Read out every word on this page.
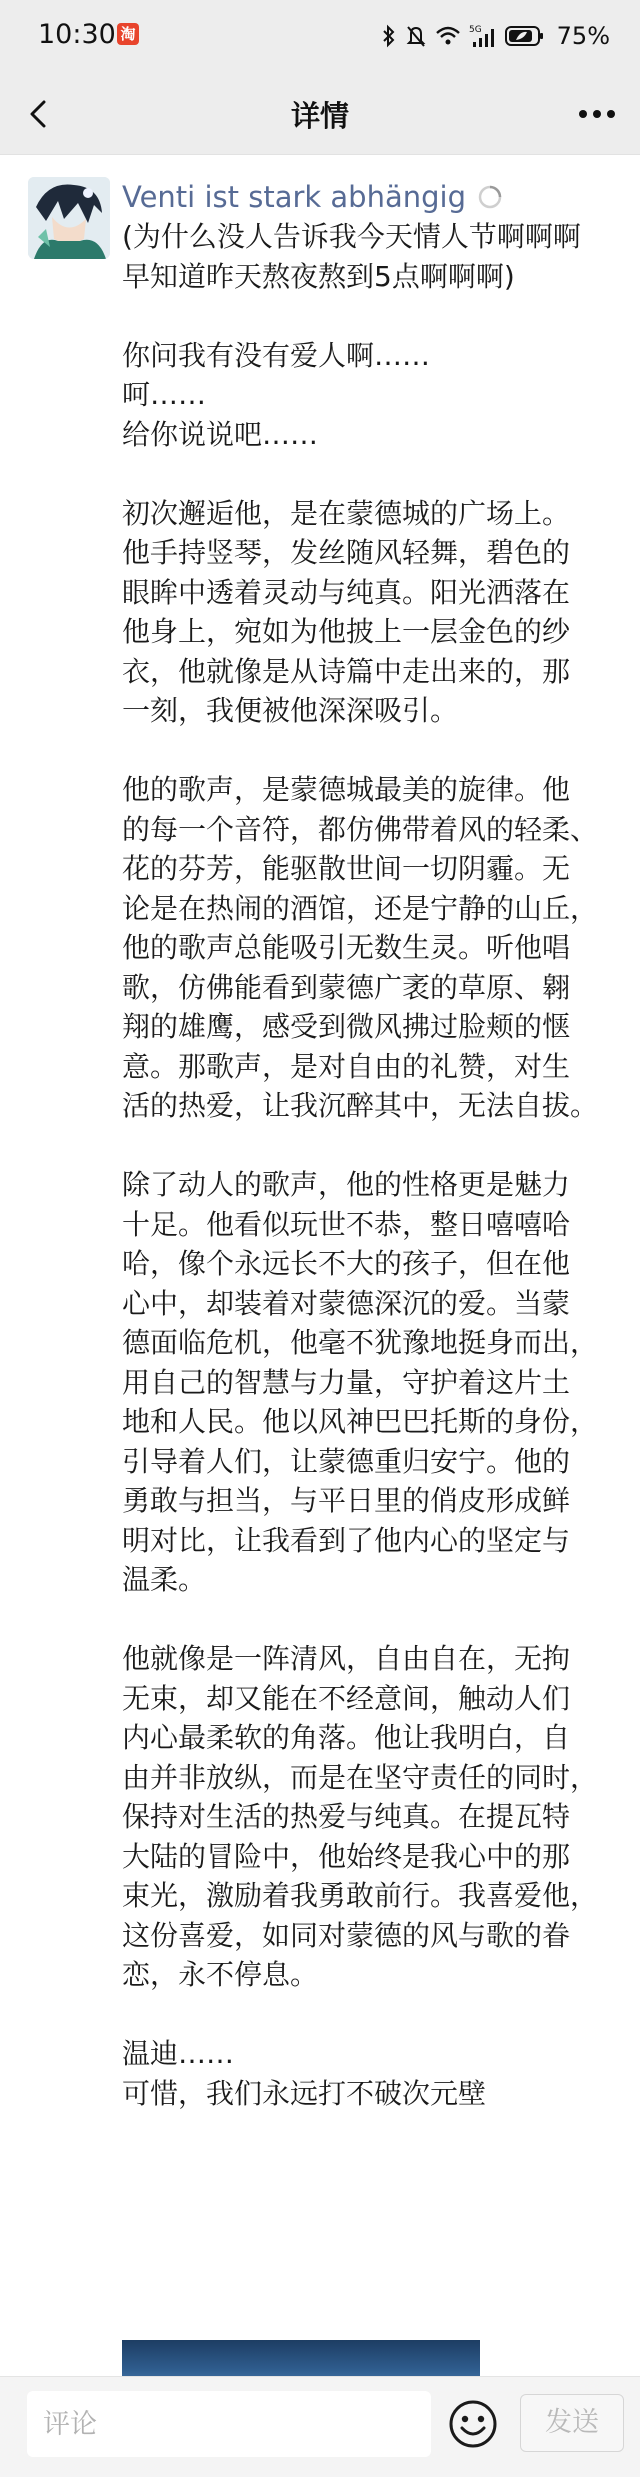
10:30 淘	5G	75%
详情
Venti ist stark abhängig
(为什么没人告诉我今天情人节啊啊啊
早知道昨天熬夜熬到5点啊啊啊)
你问我有没有爱人啊……
呵……
给你说说吧……
初次邂逅他，是在蒙德城的广场上。
他手持竖琴，发丝随风轻舞，碧色的
眼眸中透着灵动与纯真。阳光洒落在
他身上，宛如为他披上一层金色的纱
衣，他就像是从诗篇中走出来的，那
一刻，我便被他深深吸引。
他的歌声，是蒙德城最美的旋律。他
的每一个音符，都仿佛带着风的轻柔、
花的芬芳，能驱散世间一切阴霾。无
论是在热闹的酒馆，还是宁静的山丘，
他的歌声总能吸引无数生灵。听他唱
歌，仿佛能看到蒙德广袤的草原、翱
翔的雄鹰，感受到微风拂过脸颊的惬
意。那歌声，是对自由的礼赞，对生
活的热爱，让我沉醉其中，无法自拔。
除了动人的歌声，他的性格更是魅力
十足。他看似玩世不恭，整日嘻嘻哈
哈，像个永远长不大的孩子，但在他
心中，却装着对蒙德深沉的爱。当蒙
德面临危机，他毫不犹豫地挺身而出，
用自己的智慧与力量，守护着这片土
地和人民。他以风神巴巴托斯的身份，
引导着人们，让蒙德重归安宁。他的
勇敢与担当，与平日里的俏皮形成鲜
明对比，让我看到了他内心的坚定与
温柔。
他就像是一阵清风，自由自在，无拘
无束，却又能在不经意间，触动人们
内心最柔软的角落。他让我明白，自
由并非放纵，而是在坚守责任的同时，
保持对生活的热爱与纯真。在提瓦特
大陆的冒险中，他始终是我心中的那
束光，激励着我勇敢前行。我喜爱他，
这份喜爱，如同对蒙德的风与歌的眷
恋，永不停息。
温迪……
可惜，我们永远打不破次元壁
评论
发送
